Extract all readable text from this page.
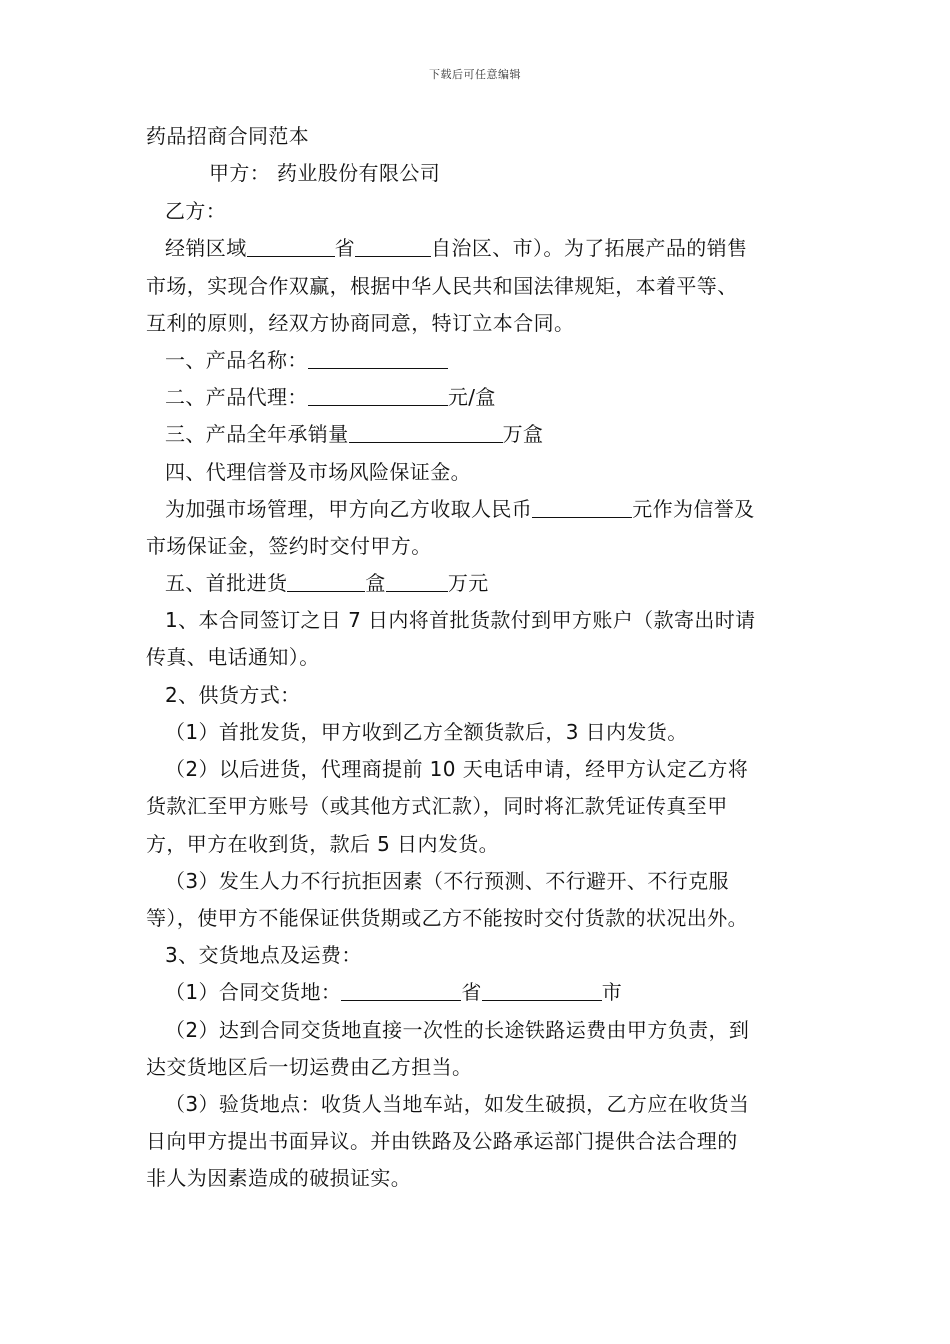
下载后可任意编辑
药品招商合同范本
甲方： 药业股份有限公司
乙方：
经销区域	省	自治区、市）。为了拓展产品的销售
市场，实现合作双赢，根据中华人民共和国法律规矩，本着平等、
互利的原则，经双方协商同意，特订立本合同。
一、产品名称：
二、产品代理：	元/盒
三、产品全年承销量	万盒
四、代理信誉及市场风险保证金。
为加强市场管理，甲方向乙方收取人民币	元作为信誉及
市场保证金，签约时交付甲方。
五、首批进货	盒	万元
1、本合同签订之日 7 日内将首批货款付到甲方账户（款寄出时请
传真、电话通知）。
2、供货方式：
（1）首批发货，甲方收到乙方全额货款后，3 日内发货。
（2）以后进货，代理商提前 10 天电话申请，经甲方认定乙方将
货款汇至甲方账号（或其他方式汇款），同时将汇款凭证传真至甲
方，甲方在收到货，款后 5 日内发货。
（3）发生人力不行抗拒因素（不行预测、不行避开、不行克服
等），使甲方不能保证供货期或乙方不能按时交付货款的状况出外。
3、交货地点及运费：
（1）合同交货地：	省	市
（2）达到合同交货地直接一次性的长途铁路运费由甲方负责，到
达交货地区后一切运费由乙方担当。
（3）验货地点：收货人当地车站，如发生破损，乙方应在收货当
日向甲方提出书面异议。并由铁路及公路承运部门提供合法合理的
非人为因素造成的破损证实。
